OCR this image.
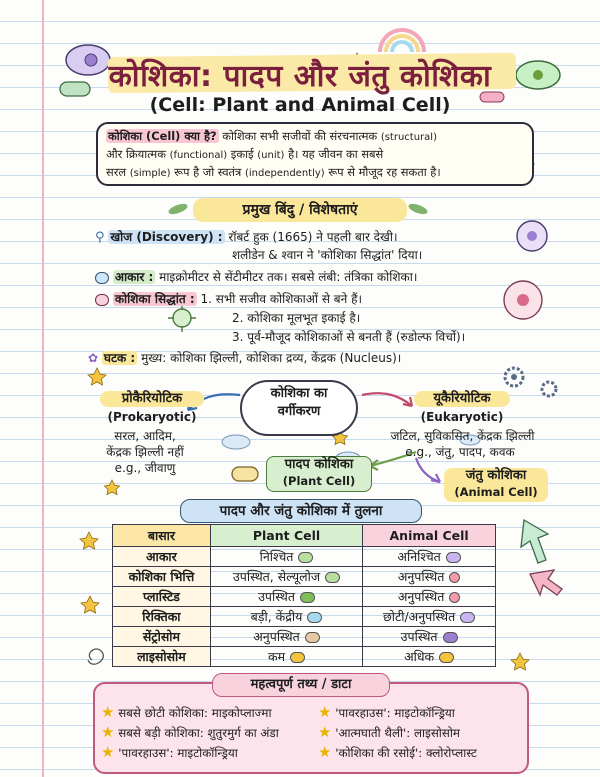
कोशिका: पादप और जंतु कोशिका
(Cell: Plant and Animal Cell)
कोशिका (Cell) क्या है? कोशिका सभी सजीवों की संरचनात्मक (structural)
और क्रियात्मक (functional) इकाई (unit) है। यह जीवन का सबसे
सरल (simple) रूप है जो स्वतंत्र (independently) रूप से मौजूद रह सकता है।
प्रमुख बिंदु / विशेषताएं
⚲ खोज (Discovery) : रॉबर्ट हुक (1665) ने पहली बार देखी।
शलीडेन & श्वान ने 'कोशिका सिद्धांत' दिया।
आकार : माइक्रोमीटर से सेंटीमीटर तक। सबसे लंबी: तंत्रिका कोशिका।
कोशिका सिद्धांत : 1. सभी सजीव कोशिकाओं से बने हैं।
2. कोशिका मूलभूत इकाई है।
3. पूर्व-मौजूद कोशिकाओं से बनती हैं (रुडोल्फ विर्चो)।
✿ घटक : मुख्य: कोशिका झिल्ली, कोशिका द्रव्य, केंद्रक (Nucleus)।
कोशिका का
वर्गीकरण
प्रोकैरियोटिक
(Prokaryotic)
सरल, आदिम,
केंद्रक झिल्ली नहीं
e.g., जीवाणु
यूकैरियोटिक
(Eukaryotic)
जटिल, सुविकसित, केंद्रक झिल्ली
e.g., जंतु, पादप, कवक
पादप कोशिका
(Plant Cell)	जंतु कोशिका
(Animal Cell)
पादप और जंतु कोशिका में तुलना
बासार	Plant Cell	Animal Cell
आकार	निश्चित	अनिश्चित
कोशिका भित्ति	उपस्थित, सेल्यूलोज	अनुपस्थित
प्लास्टिड	उपस्थित	अनुपस्थित
रिक्तिका	बड़ी, केंद्रीय	छोटी/अनुपस्थित
सेंट्रोसोम	अनुपस्थित	उपस्थित
लाइसोसोम	कम	अधिक
महत्वपूर्ण तथ्य / डाटा
★ सबसे छोटी कोशिका: माइकोप्लाज्मा
★ सबसे बड़ी कोशिका: शुतुरमुर्ग का अंडा
★ 'पावरहाउस': माइटोकॉन्ड्रिया
★ 'पावरहाउस': माइटोकॉन्ड्रिया
★ 'आत्मघाती थैली': लाइसोसोम
★ 'कोशिका की रसोई': क्लोरोप्लास्ट
